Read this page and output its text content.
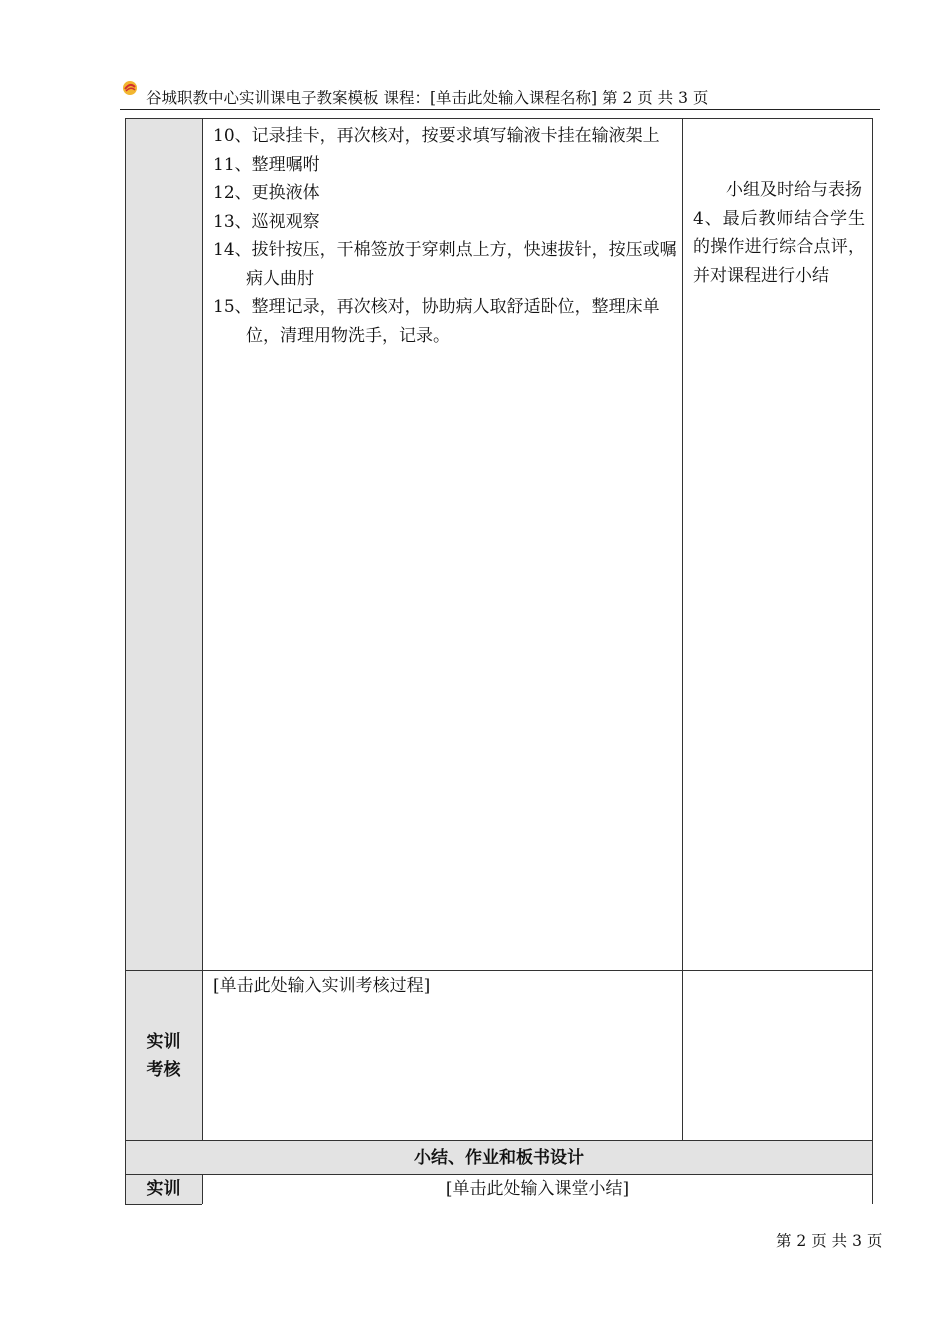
谷城职教中心实训课电子教案模板 课程：[单击此处输入课程名称] 第 2 页 共 3 页

10、记录挂卡，再次核对，按要求填写输液卡挂在输液架上

11、整理嘱咐

12、更换液体

13、巡视观察

14、拔针按压，干棉签放于穿刺点上方，快速拔针，按压或嘱病人曲肘

15、整理记录，再次核对，协助病人取舒适卧位，整理床单位，清理用物洗手，记录。

小组及时给与表扬
4、最后教师结合学生的操作进行综合点评，并对课程进行小结
实训
考核
[单击此处输入实训考核过程]
小结、作业和板书设计
实训	[单击此处输入课堂小结]
第 2 页 共 3 页
